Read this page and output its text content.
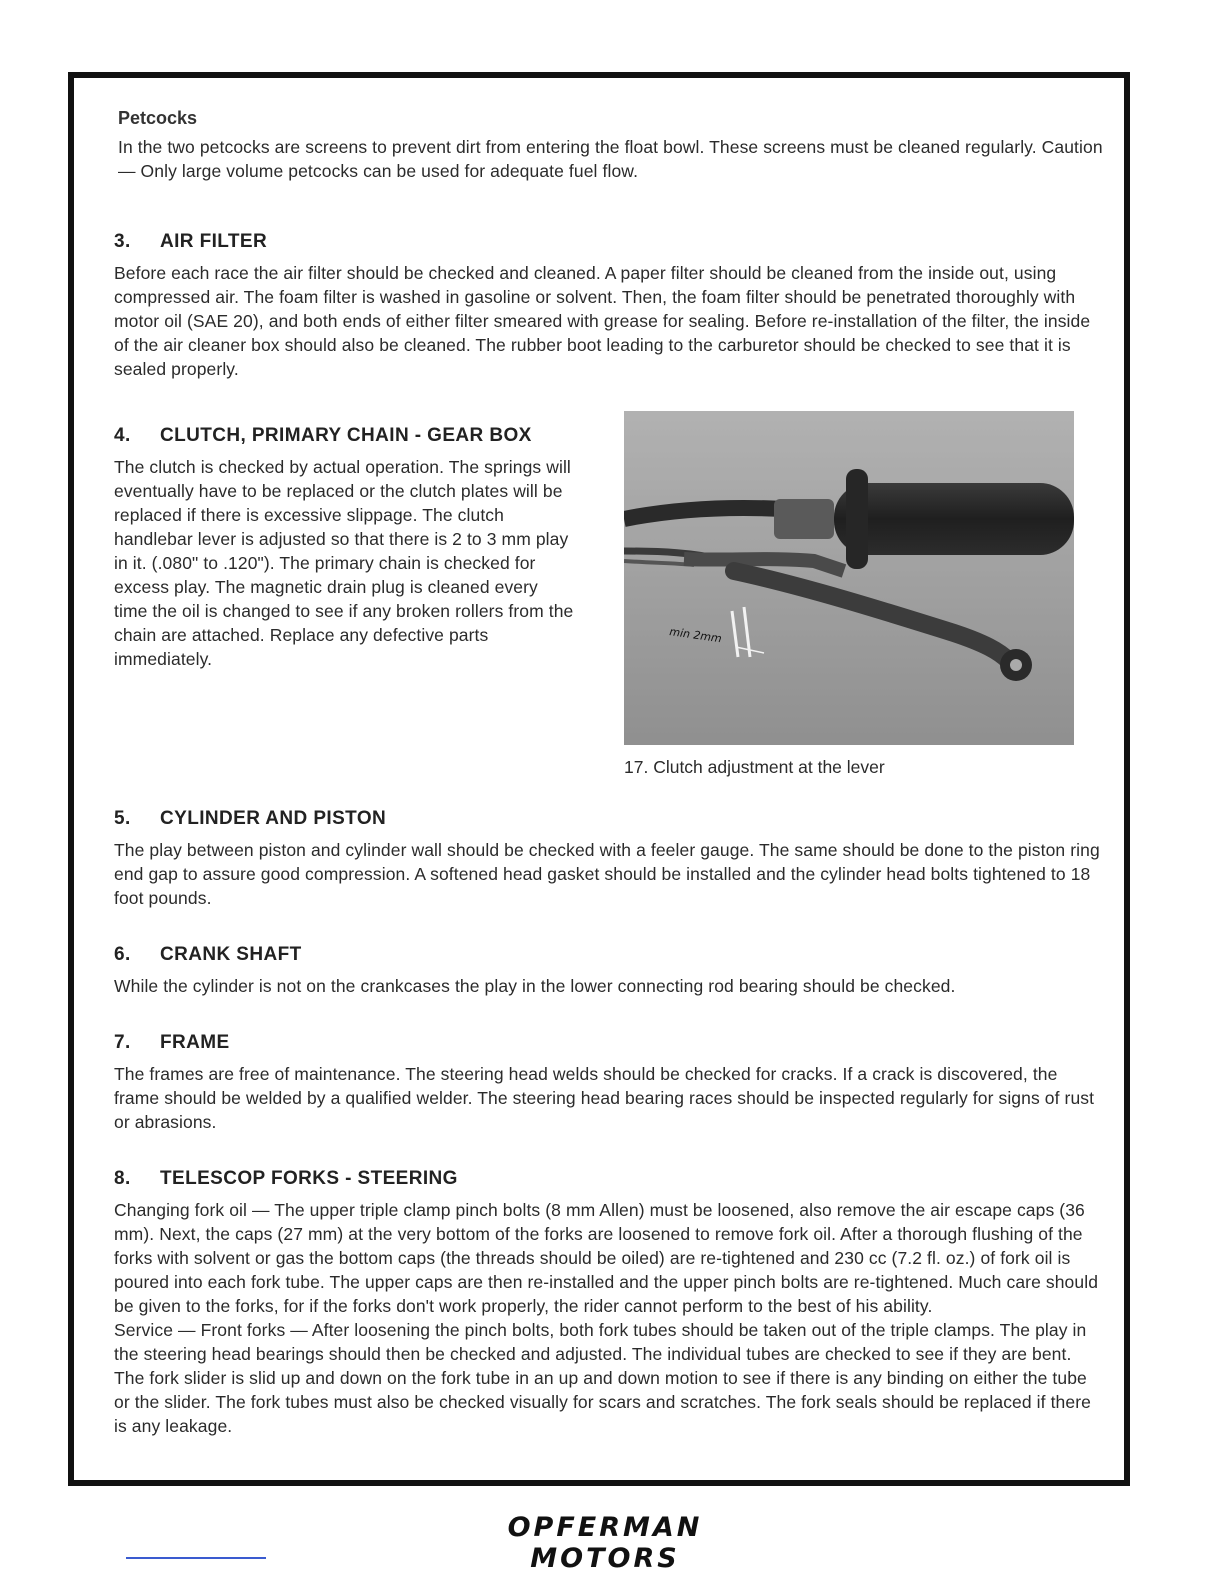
Petcocks

In the two petcocks are screens to prevent dirt from entering the float bowl. These screens must be cleaned regularly. Caution — Only large volume petcocks can be used for adequate fuel flow.

3.	AIR FILTER

Before each race the air filter should be checked and cleaned. A paper filter should be cleaned from the inside out, using compressed air. The foam filter is washed in gasoline or solvent. Then, the foam filter should be penetrated thoroughly with motor oil (SAE 20), and both ends of either filter smeared with grease for sealing. Before re-installation of the filter, the inside of the air cleaner box should also be cleaned. The rubber boot leading to the carburetor should be checked to see that it is sealed properly.

4.	CLUTCH, PRIMARY CHAIN - GEAR BOX

The clutch is checked by actual operation. The springs will eventually have to be replaced or the clutch plates will be replaced if there is excessive slippage. The clutch handlebar lever is adjusted so that there is 2 to 3 mm play in it. (.080" to .120"). The primary chain is checked for excess play. The magnetic drain plug is cleaned every time the oil is changed to see if any broken rollers from the chain are attached. Replace any defective parts immediately.

min 2mm
17. Clutch adjustment at the lever
5.	CYLINDER AND PISTON

The play between piston and cylinder wall should be checked with a feeler gauge. The same should be done to the piston ring end gap to assure good compression. A softened head gasket should be installed and the cylinder head bolts tightened to 18 foot pounds.

6.	CRANK SHAFT

While the cylinder is not on the crankcases the play in the lower connecting rod bearing should be checked.

7.	FRAME

The frames are free of maintenance. The steering head welds should be checked for cracks. If a crack is discovered, the frame should be welded by a qualified welder. The steering head bearing races should be inspected regularly for signs of rust or abrasions.

8.	TELESCOP FORKS - STEERING

Changing fork oil — The upper triple clamp pinch bolts (8 mm Allen) must be loosened, also remove the air escape caps (36 mm). Next, the caps (27 mm) at the very bottom of the forks are loosened to remove fork oil. After a thorough flushing of the forks with solvent or gas the bottom caps (the threads should be oiled) are re-tightened and 230 cc (7.2 fl. oz.) of fork oil is poured into each fork tube. The upper caps are then re-installed and the upper pinch bolts are re-tightened. Much care should be given to the forks, for if the forks don't work properly, the rider cannot perform to the best of his ability.

Service — Front forks — After loosening the pinch bolts, both fork tubes should be taken out of the triple clamps. The play in the steering head bearings should then be checked and adjusted. The individual tubes are checked to see if they are bent. The fork slider is slid up and down on the fork tube in an up and down motion to see if there is any binding on either the tube or the slider. The fork tubes must also be checked visually for scars and scratches. The fork seals should be replaced if there is any leakage.

OPFERMAN MOTORS
